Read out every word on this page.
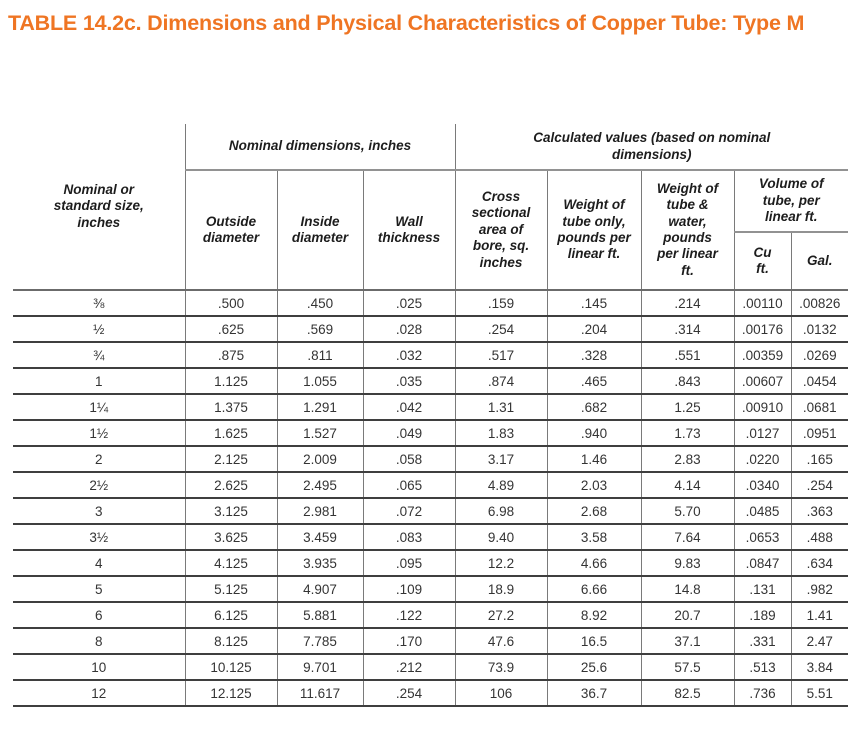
TABLE 14.2c. Dimensions and Physical Characteristics of Copper Tube: Type M
Nominal or standard size, inches	Nominal dimensions, inches			Calculated values (based on nominal dimensions)				

	Outside diameter	Inside diameter	Wall thickness	Cross sectional area of bore, sq. inches	Weight of tube only, pounds per linear ft.	Weight of tube & water, pounds per linear ft.	Volume of tube, per linear ft.	

							Cu ft.	Gal.

⅜	.500	.450	.025	.159	.145	.214	.00110	.00826
½	.625	.569	.028	.254	.204	.314	.00176	.0132
¾	.875	.811	.032	.517	.328	.551	.00359	.0269
1	1.125	1.055	.035	.874	.465	.843	.00607	.0454
1¼	1.375	1.291	.042	1.31	.682	1.25	.00910	.0681
1½	1.625	1.527	.049	1.83	.940	1.73	.0127	.0951
2	2.125	2.009	.058	3.17	1.46	2.83	.0220	.165
2½	2.625	2.495	.065	4.89	2.03	4.14	.0340	.254
3	3.125	2.981	.072	6.98	2.68	5.70	.0485	.363
3½	3.625	3.459	.083	9.40	3.58	7.64	.0653	.488
4	4.125	3.935	.095	12.2	4.66	9.83	.0847	.634
5	5.125	4.907	.109	18.9	6.66	14.8	.131	.982
6	6.125	5.881	.122	27.2	8.92	20.7	.189	1.41
8	8.125	7.785	.170	47.6	16.5	37.1	.331	2.47
10	10.125	9.701	.212	73.9	25.6	57.5	.513	3.84
12	12.125	11.617	.254	106	36.7	82.5	.736	5.51
